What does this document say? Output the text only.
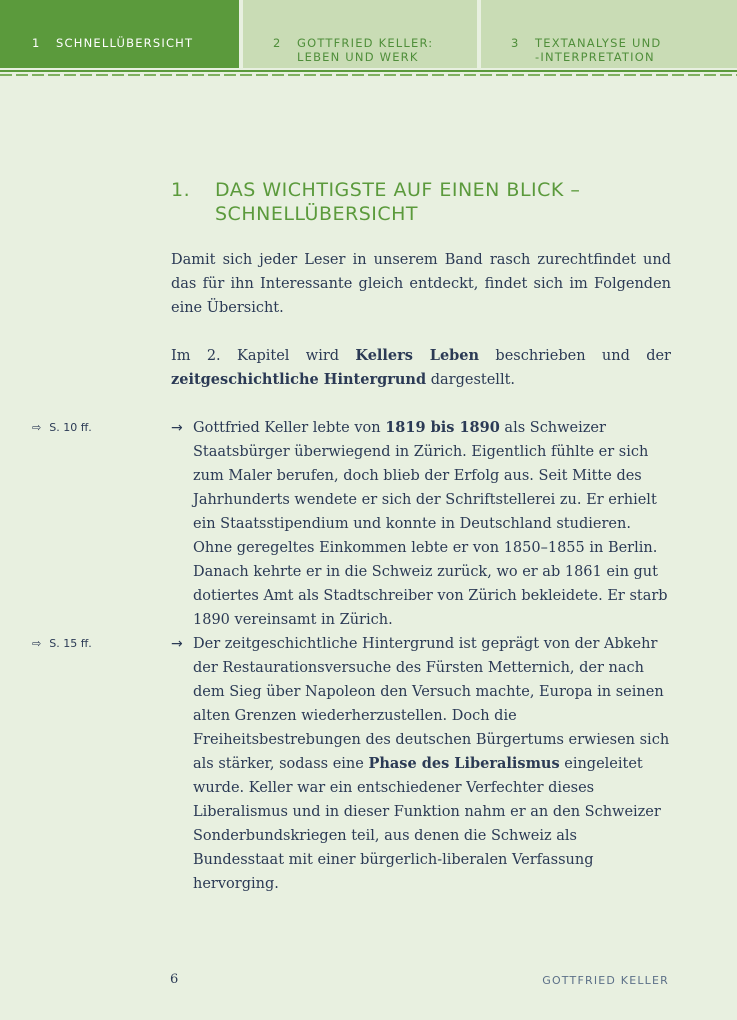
1 SCHNELLÜBERSICHT	2 GOTTFRIED KELLER:
LEBEN UND WERK
3 TEXTANALYSE UND
-INTERPRETATION
1. DAS WICHTIGSTE AUF EINEN BLICK –
SCHNELLÜBERSICHT

Damit sich jeder Leser in unserem Band rasch zurechtfindet und das für ihn Interessante gleich entdeckt, findet sich im Folgenden eine Übersicht.

Im 2. Kapitel wird Kellers Leben beschrieben und der zeitgeschichtliche Hintergrund dargestellt.

⇨ S. 10 ff.	→ Gottfried Keller lebte von 1819 bis 1890 als Schweizer Staatsbürger überwiegend in Zürich. Eigentlich fühlte er sich zum Maler berufen, doch blieb der Erfolg aus. Seit Mitte des Jahrhunderts wendete er sich der Schriftstellerei zu. Er erhielt ein Staatsstipendium und konnte in Deutschland studieren. Ohne geregeltes Einkommen lebte er von 1850–1855 in Berlin. Danach kehrte er in die Schweiz zurück, wo er ab 1861 ein gut dotiertes Amt als Stadtschreiber von Zürich bekleidete. Er starb 1890 vereinsamt in Zürich.
⇨ S. 15 ff.	→ Der zeitgeschichtliche Hintergrund ist geprägt von der Abkehr der Restaurationsversuche des Fürsten Metternich, der nach dem Sieg über Napoleon den Versuch machte, Europa in seinen alten Grenzen wiederherzustellen. Doch die Freiheitsbestrebungen des deutschen Bürgertums erwiesen sich als stärker, sodass eine Phase des Liberalismus eingeleitet wurde. Keller war ein entschiedener Verfechter dieses Liberalismus und in dieser Funktion nahm er an den Schweizer Sonderbundskriegen teil, aus denen die Schweiz als Bundesstaat mit einer bürgerlich-liberalen Verfassung hervorging.
6	GOTTFRIED KELLER
